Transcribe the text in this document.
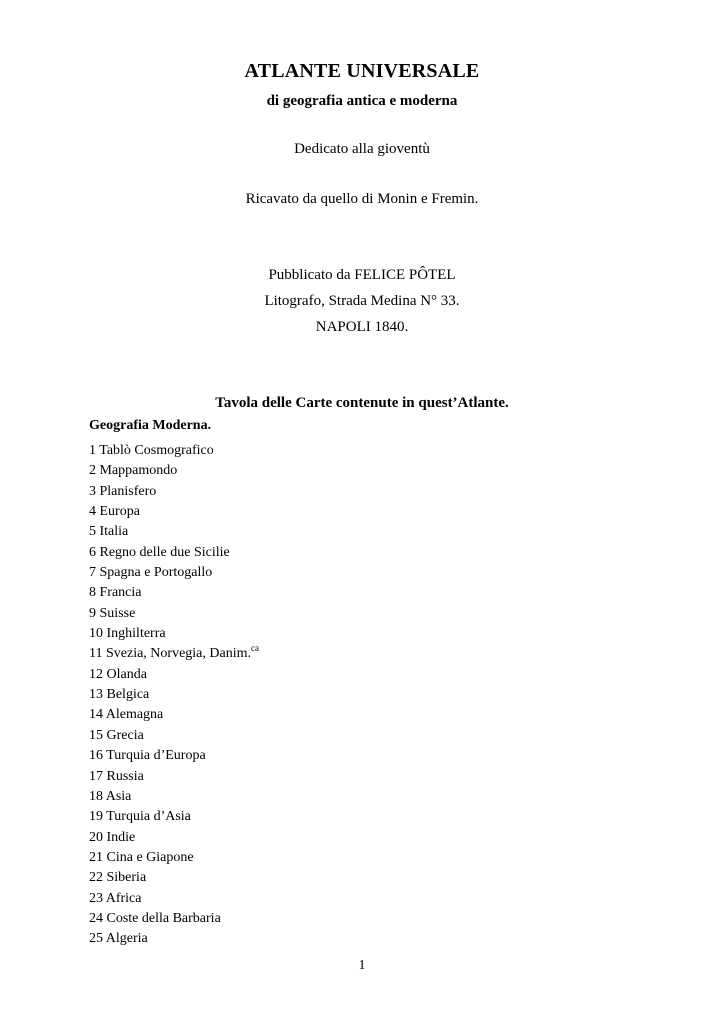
ATLANTE UNIVERSALE
di geografia antica e moderna
Dedicato alla gioventù
Ricavato da quello di Monin e Fremin.
Pubblicato da FELICE PÔTEL
Litografo, Strada Medina N° 33.
NAPOLI 1840.
Tavola delle Carte contenute in quest’Atlante.
Geografia Moderna.
1 Tablò Cosmografico
2 Mappamondo
3 Planisfero
4 Europa
5 Italia
6 Regno delle due Sicilie
7 Spagna e Portogallo
8 Francia
9 Suisse
10 Inghilterra
11 Svezia, Norvegia, Danim.$^{ca}$
12 Olanda
13 Belgica
14 Alemagna
15 Grecia
16 Turquia d’Europa
17 Russia
18 Asia
19 Turquia d’Asia
20 Indie
21 Cina e Giapone
22 Siberia
23 Africa
24 Coste della Barbaria
25 Algeria
1
